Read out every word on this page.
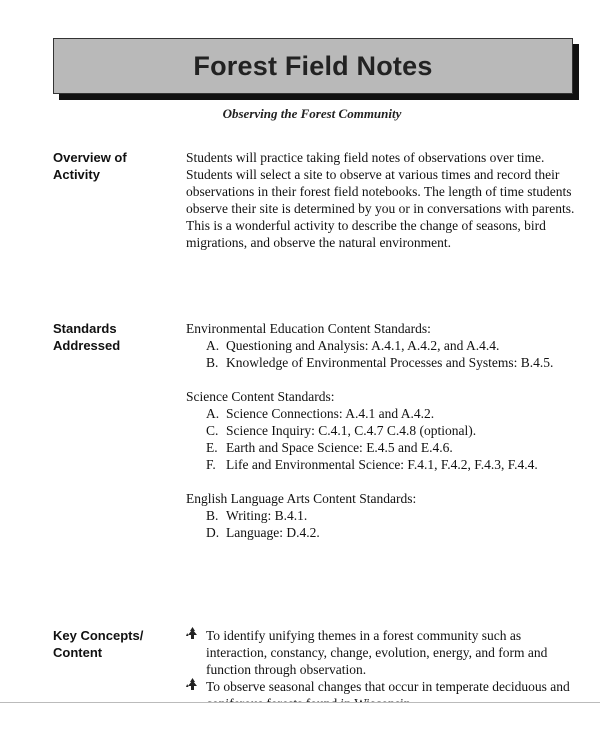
Forest Field Notes
Observing the Forest Community
Overview of Activity

Students will practice taking field notes of observations over time. Students will select a site to observe at various times and record their observations in their forest field notebooks. The length of time students observe their site is determined by you or in conversations with parents. This is a wonderful activity to describe the change of seasons, bird migrations, and observe the natural environment.

Standards Addressed

Environmental Education Content Standards:

A. Questioning and Analysis: A.4.1, A.4.2, and A.4.4.
B. Knowledge of Environmental Processes and Systems: B.4.5.

Science Content Standards:

A. Science Connections: A.4.1 and A.4.2.
C. Science Inquiry: C.4.1, C.4.7 C.4.8 (optional).
E. Earth and Space Science: E.4.5 and E.4.6.
F. Life and Environmental Science: F.4.1, F.4.2, F.4.3, F.4.4.

English Language Arts Content Standards:

B. Writing: B.4.1.
D. Language: D.4.2.
Key Concepts/ Content
To identify unifying themes in a forest community such as interaction, constancy, change, evolution, energy, and form and function through observation.
To observe seasonal changes that occur in temperate deciduous and
